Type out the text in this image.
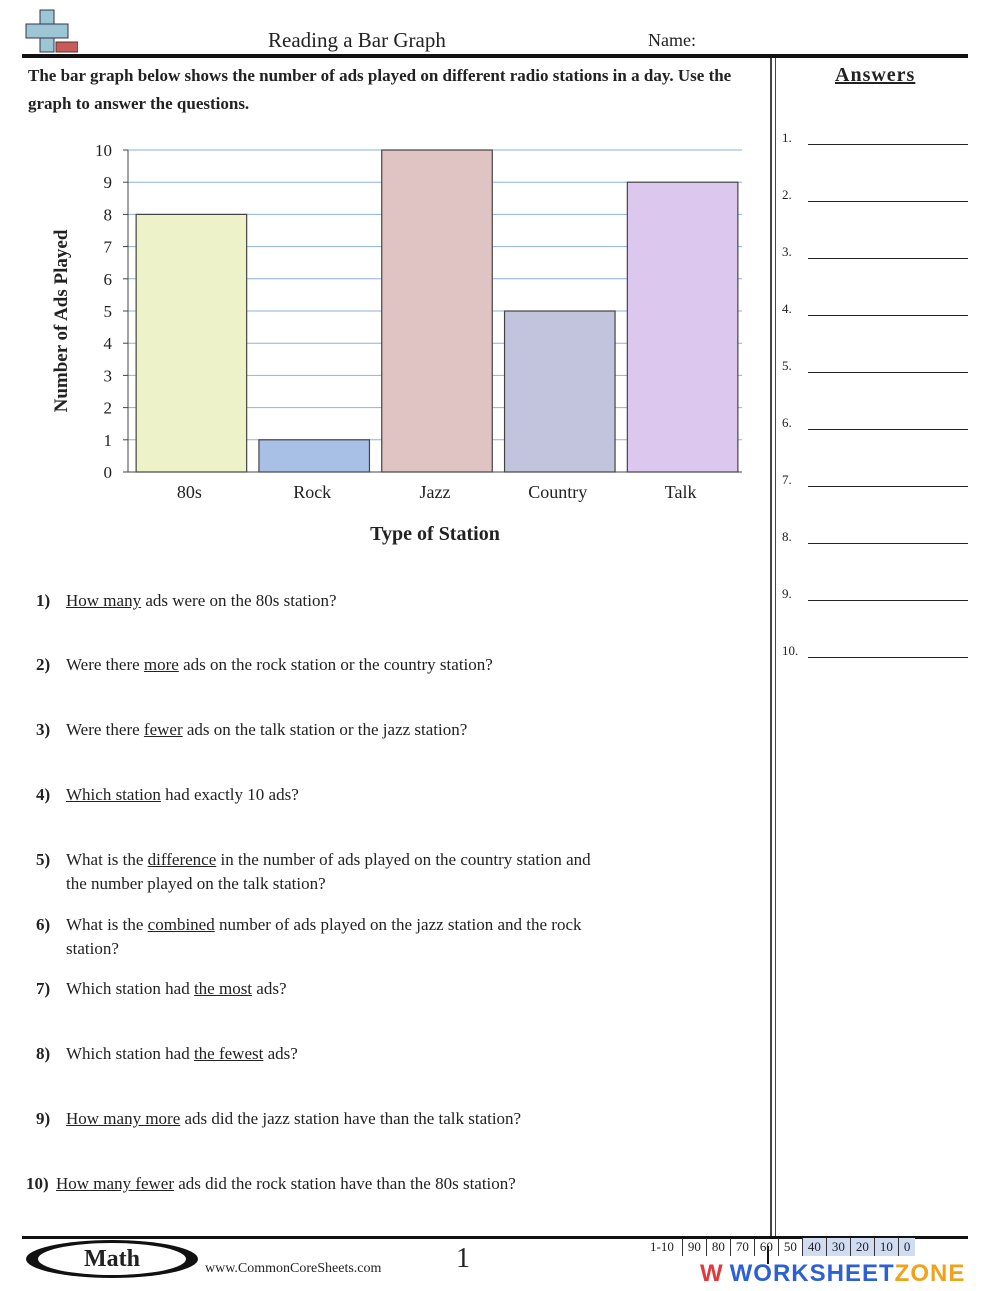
Reading a Bar Graph	Name:
The bar graph below shows the number of ads played on different radio stations in a day. Use the graph to answer the questions.
Answers
1.
2.
3.
4.
5.
6.
7.
8.
9.
10.
0
1
2
3
4
5
6
7
8
9
10
80s	Rock	Jazz	Country	Talk
Type of Station
Number of Ads Played
1) How many ads were on the 80s station?
2) Were there more ads on the rock station or the country station?
3) Were there fewer ads on the talk station or the jazz station?
4) Which station had exactly 10 ads?
5) What is the difference in the number of ads played on the country station and
the number played on the talk station?
6) What is the combined number of ads played on the jazz station and the rock
station?
7) Which station had the most ads?
8) Which station had the fewest ads?
9) How many more ads did the jazz station have than the talk station?
10) How many fewer ads did the rock station have than the 80s station?
Math	www.CommonCoreSheets.com	1	1-10	90 80 70 60 50 40 30 20 10 0
W WORKSHEETZONE
